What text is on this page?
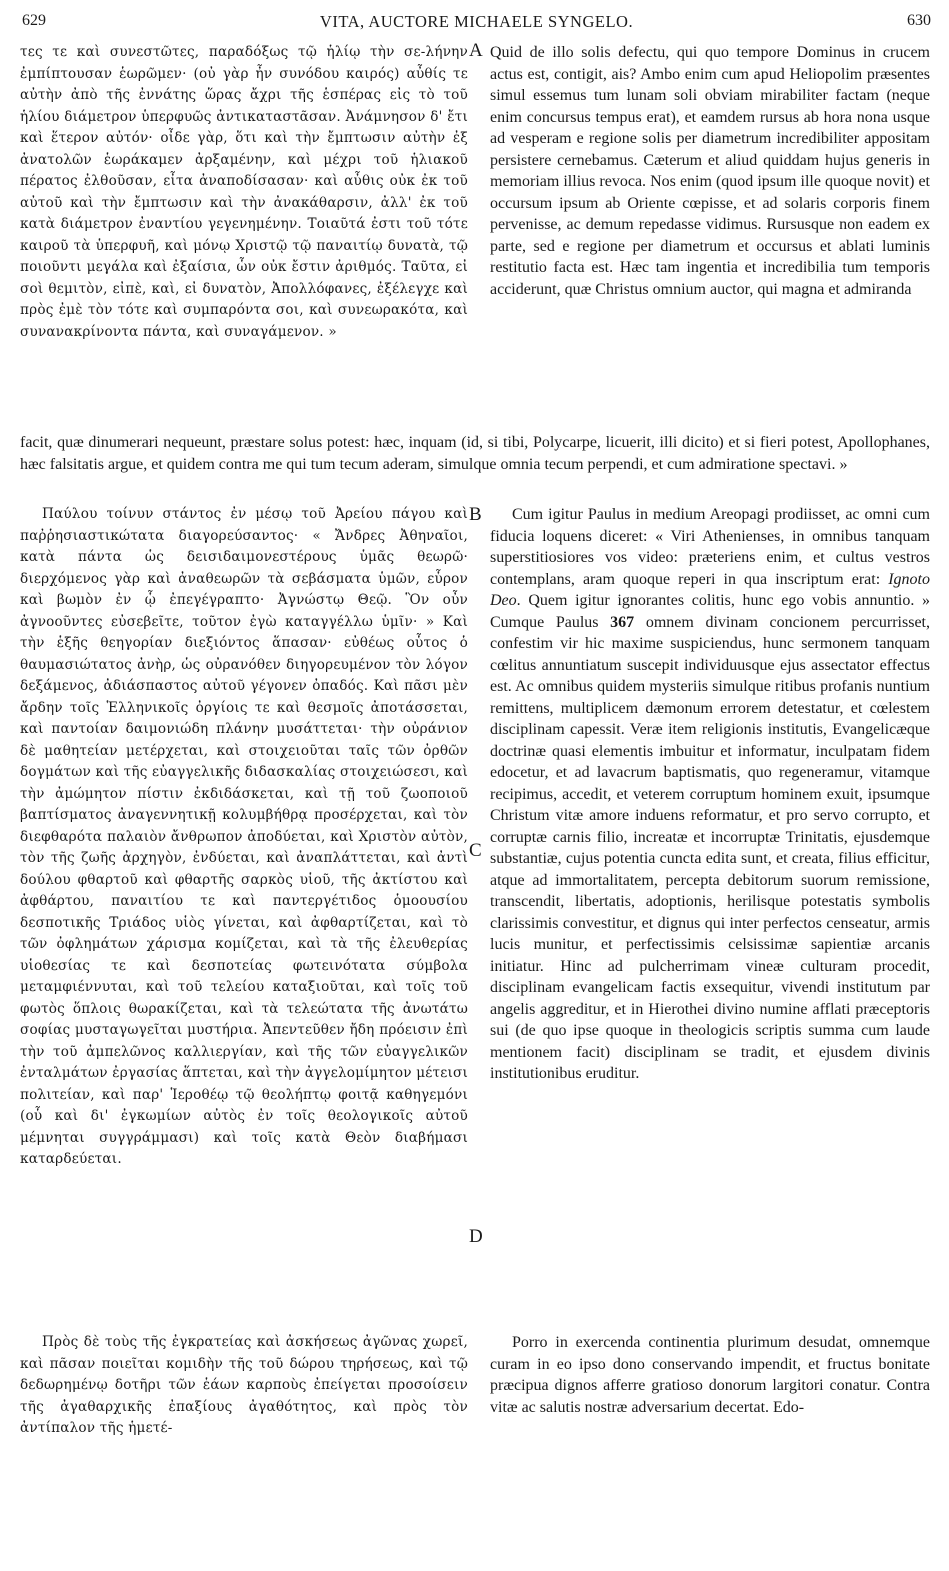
629	VITA, AUCTORE MICHAELE SYNGELO.	630

τες τε καὶ συνεστῶτες, παραδόξως τῷ ἡλίῳ τὴν σε-λήνην ἐμπίπτουσαν ἑωρῶμεν· (οὐ γὰρ ἦν συνόδου καιρός) αὖθίς τε αὐτὴν ἀπὸ τῆς ἐννάτης ὥρας ἄχρι τῆς ἑσπέρας εἰς τὸ τοῦ ἡλίου διάμετρον ὑπερφυῶς ἀντικαταστᾶσαν. Ἀνάμνησον δ' ἔτι καὶ ἕτερον αὐτόν· οἶδε γὰρ, ὅτι καὶ τὴν ἔμπτωσιν αὐτὴν ἐξ ἀνατολῶν ἑωράκαμεν ἀρξαμένην, καὶ μέχρι τοῦ ἡλιακοῦ πέρατος ἐλθοῦσαν, εἶτα ἀναποδίσασαν· καὶ αὖθις οὐκ ἐκ τοῦ αὐτοῦ καὶ τὴν ἔμπτωσιν καὶ τὴν ἀνακάθαρσιν, ἀλλ' ἐκ τοῦ κατὰ διάμετρον ἐναντίου γεγενημένην. Τοιαῦτά ἐστι τοῦ τότε καιροῦ τὰ ὑπερφυῆ, καὶ μόνῳ Χριστῷ τῷ παναιτίῳ δυνατὰ, τῷ ποιοῦντι μεγάλα καὶ ἐξαίσια, ὧν οὐκ ἔστιν ἀριθμός. Ταῦτα, εἰ σοὶ θεμιτὸν, εἰπὲ, καὶ, εἰ δυνατὸν, Ἀπολλόφανες, ἐξέλεγχε καὶ πρὸς ἐμὲ τὸν τότε καὶ συμπαρόντα σοι, καὶ συνεωρακότα, καὶ συνανακρίνοντα πάντα, καὶ συναγάμενον. »

A Quid de illo solis defectu, qui quo tempore Dominus in crucem actus est, contigit, ais? Ambo enim cum apud Heliopolim præsentes simul essemus tum lunam soli obviam mirabiliter factam (neque enim concursus tempus erat), et eamdem rursus ab hora nona usque ad vesperam e regione solis per diametrum incredibiliter appositam persistere cernebamus. Cæterum et aliud quiddam hujus generis in memoriam illius revoca. Nos enim (quod ipsum ille quoque novit) et occursum ipsum ab Oriente cœpisse, et ad solaris corporis finem pervenisse, ac demum repedasse vidimus. Rursusque non eadem ex parte, sed e regione per diametrum et occursus et ablati luminis restitutio facta est. Hæc tam ingentia et incredibilia tum temporis acciderunt, quæ Christus omnium auctor, qui magna et admiranda

facit, quæ dinumerari nequeunt, præstare solus potest: hæc, inquam (id, si tibi, Polycarpe, licuerit, illi dicito) et si fieri potest, Apollophanes, hæc falsitatis argue, et quidem contra me qui tum tecum aderam, simulque omnia tecum perpendi, et cum admiratione spectavi. »

Παύλου τοίνυν στάντος ἐν μέσῳ τοῦ Ἀρείου πάγου καὶ παῤῥησιαστικώτατα διαγορεύσαντος· « Ἄνδρες Ἀθηναῖοι, κατὰ πάντα ὡς δεισιδαιμονεστέρους ὑμᾶς θεωρῶ· διερχόμενος γὰρ καὶ ἀναθεωρῶν τὰ σεβάσματα ὑμῶν, εὗρον καὶ βωμὸν ἐν ᾧ ἐπεγέγραπτο· Ἀγνώστῳ Θεῷ. Ὃν οὖν ἀγνοοῦντες εὐσεβεῖτε, τοῦτον ἐγὼ καταγγέλλω ὑμῖν· » Καὶ τὴν ἑξῆς θεηγορίαν διεξιόντος ἅπασαν· εὐθέως οὗτος ὁ θαυμασιώτατος ἀνὴρ, ὡς οὐρανόθεν διηγορευμένον τὸν λόγον δεξάμενος, ἀδιάσπαστος αὐτοῦ γέγονεν ὀπαδός. Καὶ πᾶσι μὲν ἄρδην τοῖς Ἑλληνικοῖς ὀργίοις τε καὶ θεσμοῖς ἀποτάσσεται, καὶ παντοίαν δαιμονιώδη πλάνην μυσάττεται· τὴν οὐράνιον δὲ μαθητείαν μετέρχεται, καὶ στοιχειοῦται ταῖς τῶν ὀρθῶν δογμάτων καὶ τῆς εὐαγγελικῆς διδασκαλίας στοιχειώσεσι, καὶ τὴν ἀμώμητον πίστιν ἐκδιδάσκεται, καὶ τῇ τοῦ ζωοποιοῦ βαπτίσματος ἀναγεννητικῇ κολυμβήθρᾳ προσέρχεται, καὶ τὸν διεφθαρότα παλαιὸν ἄνθρωπον ἀποδύεται, καὶ Χριστὸν αὐτὸν, τὸν τῆς ζωῆς ἀρχηγὸν, ἐνδύεται, καὶ ἀναπλάττεται, καὶ ἀντὶ δούλου φθαρτοῦ καὶ φθαρτῆς σαρκὸς υἱοῦ, τῆς ἀκτίστου καὶ ἀφθάρτου, παναιτίου τε καὶ παντεργέτιδος ὁμοουσίου δεσποτικῆς Τριάδος υἱὸς γίνεται, καὶ ἀφθαρτίζεται, καὶ τὸ τῶν ὀφλημάτων χάρισμα κομίζεται, καὶ τὰ τῆς ἐλευθερίας υἱοθεσίας τε καὶ δεσποτείας φωτεινότατα σύμβολα μεταμφιέννυται, καὶ τοῦ τελείου καταξιοῦται, καὶ τοῖς τοῦ φωτὸς ὅπλοις θωρακίζεται, καὶ τὰ τελεώτατα τῆς ἀνωτάτω σοφίας μυσταγωγεῖται μυστήρια. Ἀπεντεῦθεν ἤδη πρόεισιν ἐπὶ τὴν τοῦ ἀμπελῶνος καλλιεργίαν, καὶ τῆς τῶν εὐαγγελικῶν ἐνταλμάτων ἐργασίας ἅπτεται, καὶ τὴν ἀγγελομίμητον μέτεισι πολιτείαν, καὶ παρ' Ἱεροθέῳ τῷ θεολήπτῳ φοιτᾷ καθηγεμόνι (οὗ καὶ δι' ἐγκωμίων αὐτὸς ἐν τοῖς θεολογικοῖς αὐτοῦ μέμνηται συγγράμμασι) καὶ τοῖς κατὰ Θεὸν διαβήμασι καταρδεύεται.

B
C
D

Cum igitur Paulus in medium Areopagi prodiisset, ac omni cum fiducia loquens diceret: « Viri Athenienses, in omnibus tanquam superstitiosiores vos video: præteriens enim, et cultus vestros contemplans, aram quoque reperi in qua inscriptum erat: Ignoto Deo. Quem igitur ignorantes colitis, hunc ego vobis annuntio. » Cumque Paulus 367 omnem divinam concionem percurrisset, confestim vir hic maxime suspiciendus, hunc sermonem tanquam cœlitus annuntiatum suscepit individuusque ejus assectator effectus est. Ac omnibus quidem mysteriis simulque ritibus profanis nuntium remittens, multiplicem dæmonum errorem detestatur, et cœlestem disciplinam capessit. Veræ item religionis institutis, Evangelicæque doctrinæ quasi elementis imbuitur et informatur, inculpatam fidem edocetur, et ad lavacrum baptismatis, quo regeneramur, vitamque recipimus, accedit, et veterem corruptum hominem exuit, ipsumque Christum vitæ amore induens reformatur, et pro servo corrupto, et corruptæ carnis filio, increatæ et incorruptæ Trinitatis, ejusdemque substantiæ, cujus potentia cuncta edita sunt, et creata, filius efficitur, atque ad immortalitatem, percepta debitorum suorum remissione, transcendit, libertatis, adoptionis, herilisque potestatis symbolis clarissimis convestitur, et dignus qui inter perfectos censeatur, armis lucis munitur, et perfectissimis celsissimæ sapientiæ arcanis initiatur. Hinc ad pulcherrimam vineæ culturam procedit, disciplinam evangelicam factis exsequitur, vivendi institutum par angelis aggreditur, et in Hierothei divino numine afflati præceptoris sui (de quo ipse quoque in theologicis scriptis summa cum laude mentionem facit) disciplinam se tradit, et ejusdem divinis institutionibus eruditur.

Πρὸς δὲ τοὺς τῆς ἐγκρατείας καὶ ἀσκήσεως ἀγῶνας χωρεῖ, καὶ πᾶσαν ποιεῖται κομιδὴν τῆς τοῦ δώρου τηρήσεως, καὶ τῷ δεδωρημένῳ δοτῆρι τῶν ἑάων καρποὺς ἐπείγεται προσοίσειν τῆς ἀγαθαρχικῆς ἐπαξίους ἀγαθότητος, καὶ πρὸς τὸν ἀντίπαλον τῆς ἡμετέ-

Porro in exercenda continentia plurimum desudat, omnemque curam in eo ipso dono conservando impendit, et fructus bonitate præcipua dignos afferre gratioso donorum largitori conatur. Contra vitæ ac salutis nostræ adversarium decertat. Edo-
